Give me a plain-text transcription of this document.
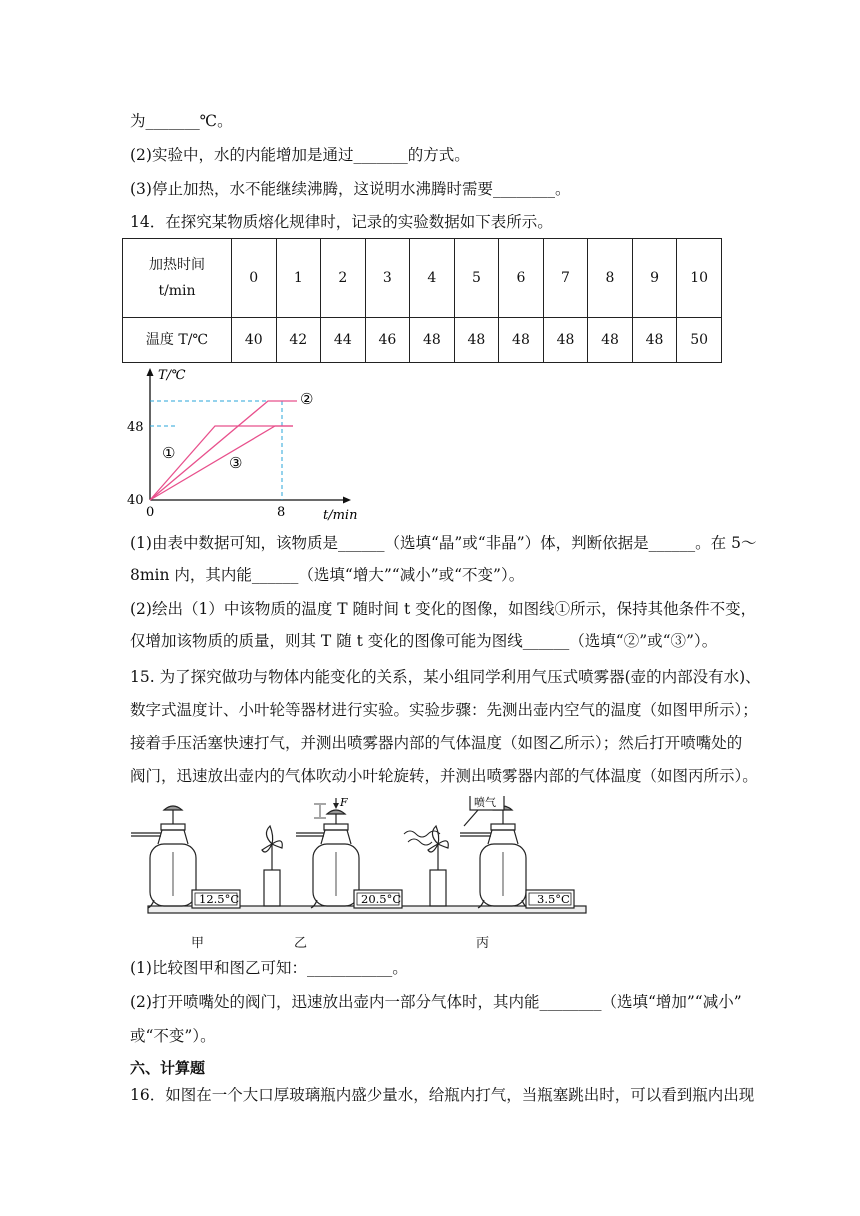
为_______℃。
(2)实验中，水的内能增加是通过_______的方式。
(3)停止加热，水不能继续沸腾，这说明水沸腾时需要________。
14．在探究某物质熔化规律时，记录的实验数据如下表所示。
加热时间
t/min	0	1	2	3	4	5	6	7	8	9	10
温度 T/℃	40	42	44	46	48	48	48	48	48	48	50
T/℃
48
40
0	8	t/min
①
②
③
(1)由表中数据可知，该物质是______（选填“晶”或“非晶”）体，判断依据是______。在 5～
8min 内，其内能______（选填“增大”“减小”或“不变”）。
(2)绘出（1）中该物质的温度 T 随时间 t 变化的图像，如图线①所示，保持其他条件不变，
仅增加该物质的质量，则其 T 随 t 变化的图像可能为图线______（选填“②”或“③”）。
15. 为了探究做功与物体内能变化的关系，某小组同学利用气压式喷雾器(壶的内部没有水)、
数字式温度计、小叶轮等器材进行实验。实验步骤：先测出壶内空气的温度（如图甲所示）；
接着手压活塞快速打气，并测出喷雾器内部的气体温度（如图乙所示）；然后打开喷嘴处的
阀门，迅速放出壶内的气体吹动小叶轮旋转，并测出喷雾器内部的气体温度（如图丙所示）。
12.5°C	20.5°C	3.5°C
F	喷气
甲	乙	丙
(1)比较图甲和图乙可知：___________。
(2)打开喷嘴处的阀门，迅速放出壶内一部分气体时，其内能________（选填“增加”“减小”
或“不变”）。
六、计算题
16．如图在一个大口厚玻璃瓶内盛少量水，给瓶内打气，当瓶塞跳出时，可以看到瓶内出现
